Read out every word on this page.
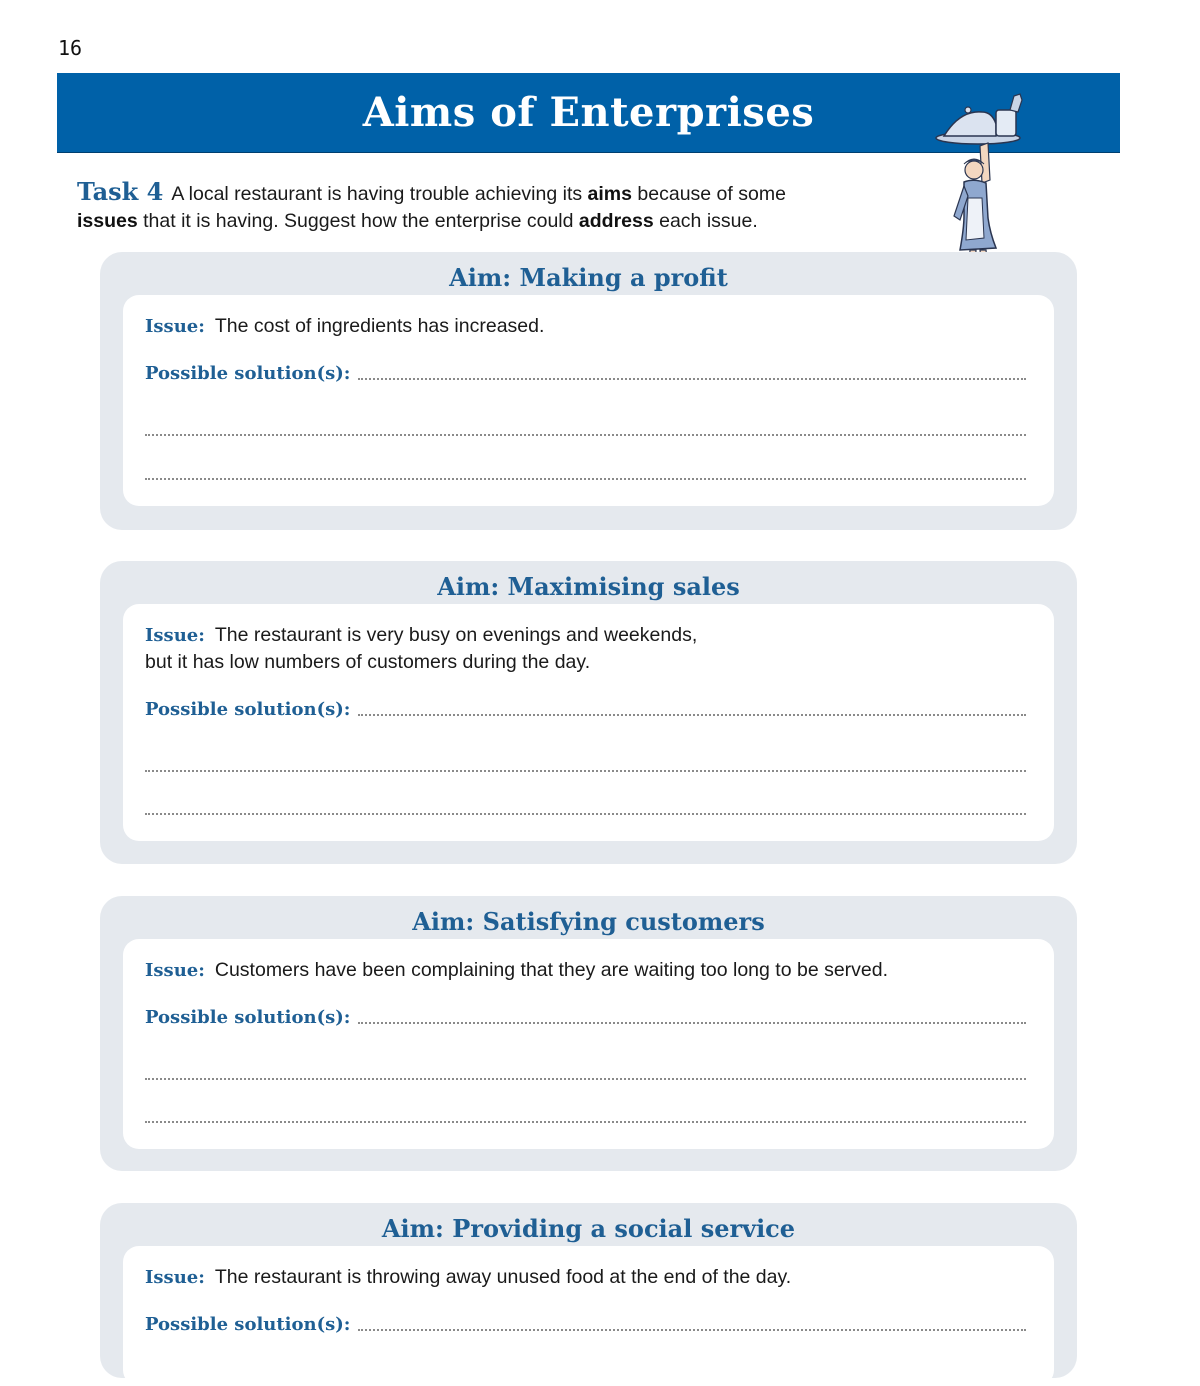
16
Aims of Enterprises
Task 4 A local restaurant is having trouble achieving its aims because of some
issues that it is having. Suggest how the enterprise could address each issue.
Aim: Making a profit
Issue: The cost of ingredients has increased.
Possible solution(s):
Aim: Maximising sales
Issue: The restaurant is very busy on evenings and weekends,
but it has low numbers of customers during the day.
Possible solution(s):
Aim: Satisfying customers
Issue: Customers have been complaining that they are waiting too long to be served.
Possible solution(s):
Aim: Providing a social service
Issue: The restaurant is throwing away unused food at the end of the day.
Possible solution(s):
